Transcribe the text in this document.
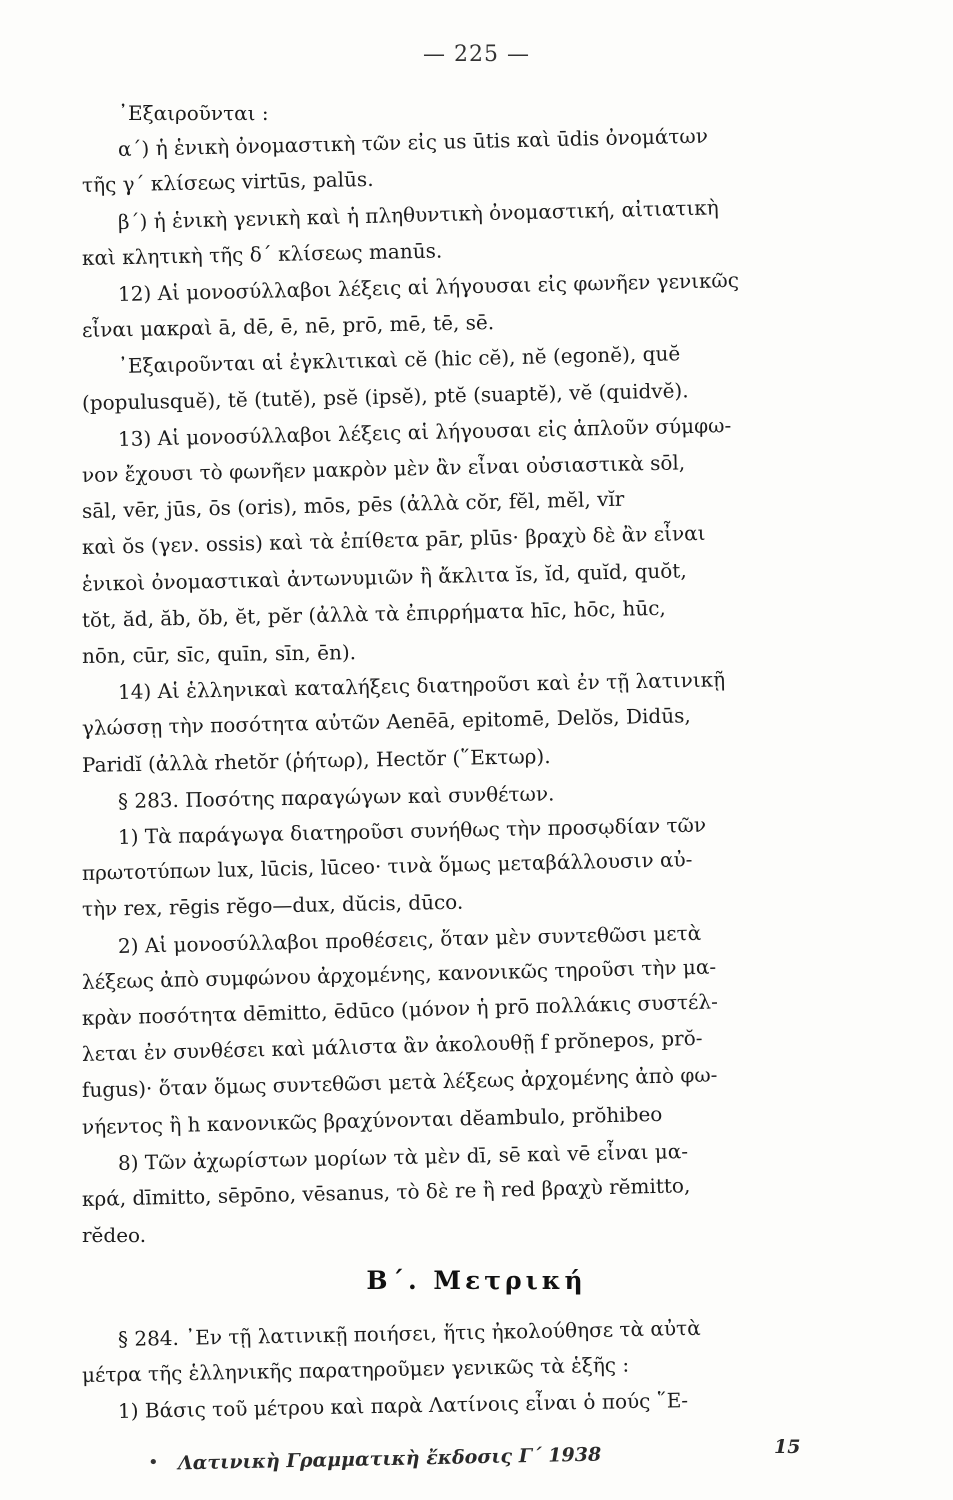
— 225 —
᾿Εξαιροῦνται :
α΄) ἡ ἑνικὴ ὀνομαστικὴ τῶν εἰς us ūtis καὶ ūdis ὀνομάτων
τῆς γ΄ κλίσεως virtūs, palūs.
β΄) ἡ ἑνικὴ γενικὴ καὶ ἡ πληθυντικὴ ὀνομαστική, αἰτιατικὴ
καὶ κλητικὴ τῆς δ΄ κλίσεως manūs.
12) Αἱ μονοσύλλαβοι λέξεις αἱ λήγουσαι εἰς φωνῆεν γενικῶς
εἶναι μακραὶ ā, dē, ē, nē, prō, mē, tē, sē.
᾿Εξαιροῦνται αἱ ἐγκλιτικαὶ cĕ (hic cĕ), nĕ (egonĕ), quĕ
(populusquĕ), tĕ (tutĕ), psĕ (ipsĕ), ptĕ (suaptĕ), vĕ (quidvĕ).
13) Αἱ μονοσύλλαβοι λέξεις αἱ λήγουσαι εἰς ἁπλοῦν σύμφω-
νον ἔχουσι τὸ φωνῆεν μακρὸν μὲν ἂν εἶναι οὐσιαστικὰ sōl,
sāl, vēr, jūs, ōs (oris), mōs, pēs (ἀλλὰ cŏr, fĕl, mĕl, vĭr
καὶ ŏs (γεν. ossis) καὶ τὰ ἐπίθετα pār, plūs· βραχὺ δὲ ἂν εἶναι
ἑνικοὶ ὀνομαστικαὶ ἀντωνυμιῶν ἢ ἄκλιτα ĭs, ĭd, quĭd, quŏt,
tŏt, ăd, ăb, ŏb, ĕt, pĕr (ἀλλὰ τὰ ἐπιρρήματα hīc, hōc, hūc,
nōn, cūr, sīc, quīn, sīn, ēn).
14) Αἱ ἑλληνικαὶ καταλήξεις διατηροῦσι καὶ ἐν τῇ λατινικῇ
γλώσσῃ τὴν ποσότητα αὐτῶν Aenēā, epitomē, Delŏs, Didūs,
Paridĭ (ἀλλὰ rhetŏr (ῥήτωρ), Hectŏr (῞Εκτωρ).
§ 283. Ποσότης παραγώγων καὶ συνθέτων.
1) Τὰ παράγωγα διατηροῦσι συνήθως τὴν προσῳδίαν τῶν
πρωτοτύπων lux, lūcis, lūceo· τινὰ ὅμως μεταβάλλουσιν αὐ-
τὴν rex, rēgis rĕgo—dux, dŭcis, dūco.
2) Αἱ μονοσύλλαβοι προθέσεις, ὅταν μὲν συντεθῶσι μετὰ
λέξεως ἀπὸ συμφώνου ἀρχομένης, κανονικῶς τηροῦσι τὴν μα-
κρὰν ποσότητα dēmitto, ēdūco (μόνον ἡ prō πολλάκις συστέλ-
λεται ἐν συνθέσει καὶ μάλιστα ἂν ἀκολουθῇ f prŏnepos, prŏ-
fugus)· ὅταν ὅμως συντεθῶσι μετὰ λέξεως ἀρχομένης ἀπὸ φω-
νήεντος ἢ h κανονικῶς βραχύνονται dĕambulo, prŏhibeo
8) Τῶν ἀχωρίστων μορίων τὰ μὲν dī, sē καὶ vē εἶναι μα-
κρά, dīmitto, sēpōno, vēsanus, τὸ δὲ re ἢ red βραχὺ rĕmitto,
rĕdeo.
§ 284. ᾿Εν τῇ λατινικῇ ποιήσει, ἥτις ἠκολούθησε τὰ αὐτὰ
μέτρα τῆς ἑλληνικῆς παρατηροῦμεν γενικῶς τὰ ἑξῆς :
1) Βάσις τοῦ μέτρου καὶ παρὰ Λατίνοις εἶναι ὁ πούς ῞Ε-
Β΄. Μετρική
• Λατινικὴ Γραμματικὴ ἔκδοσις Γ΄ 1938	15
